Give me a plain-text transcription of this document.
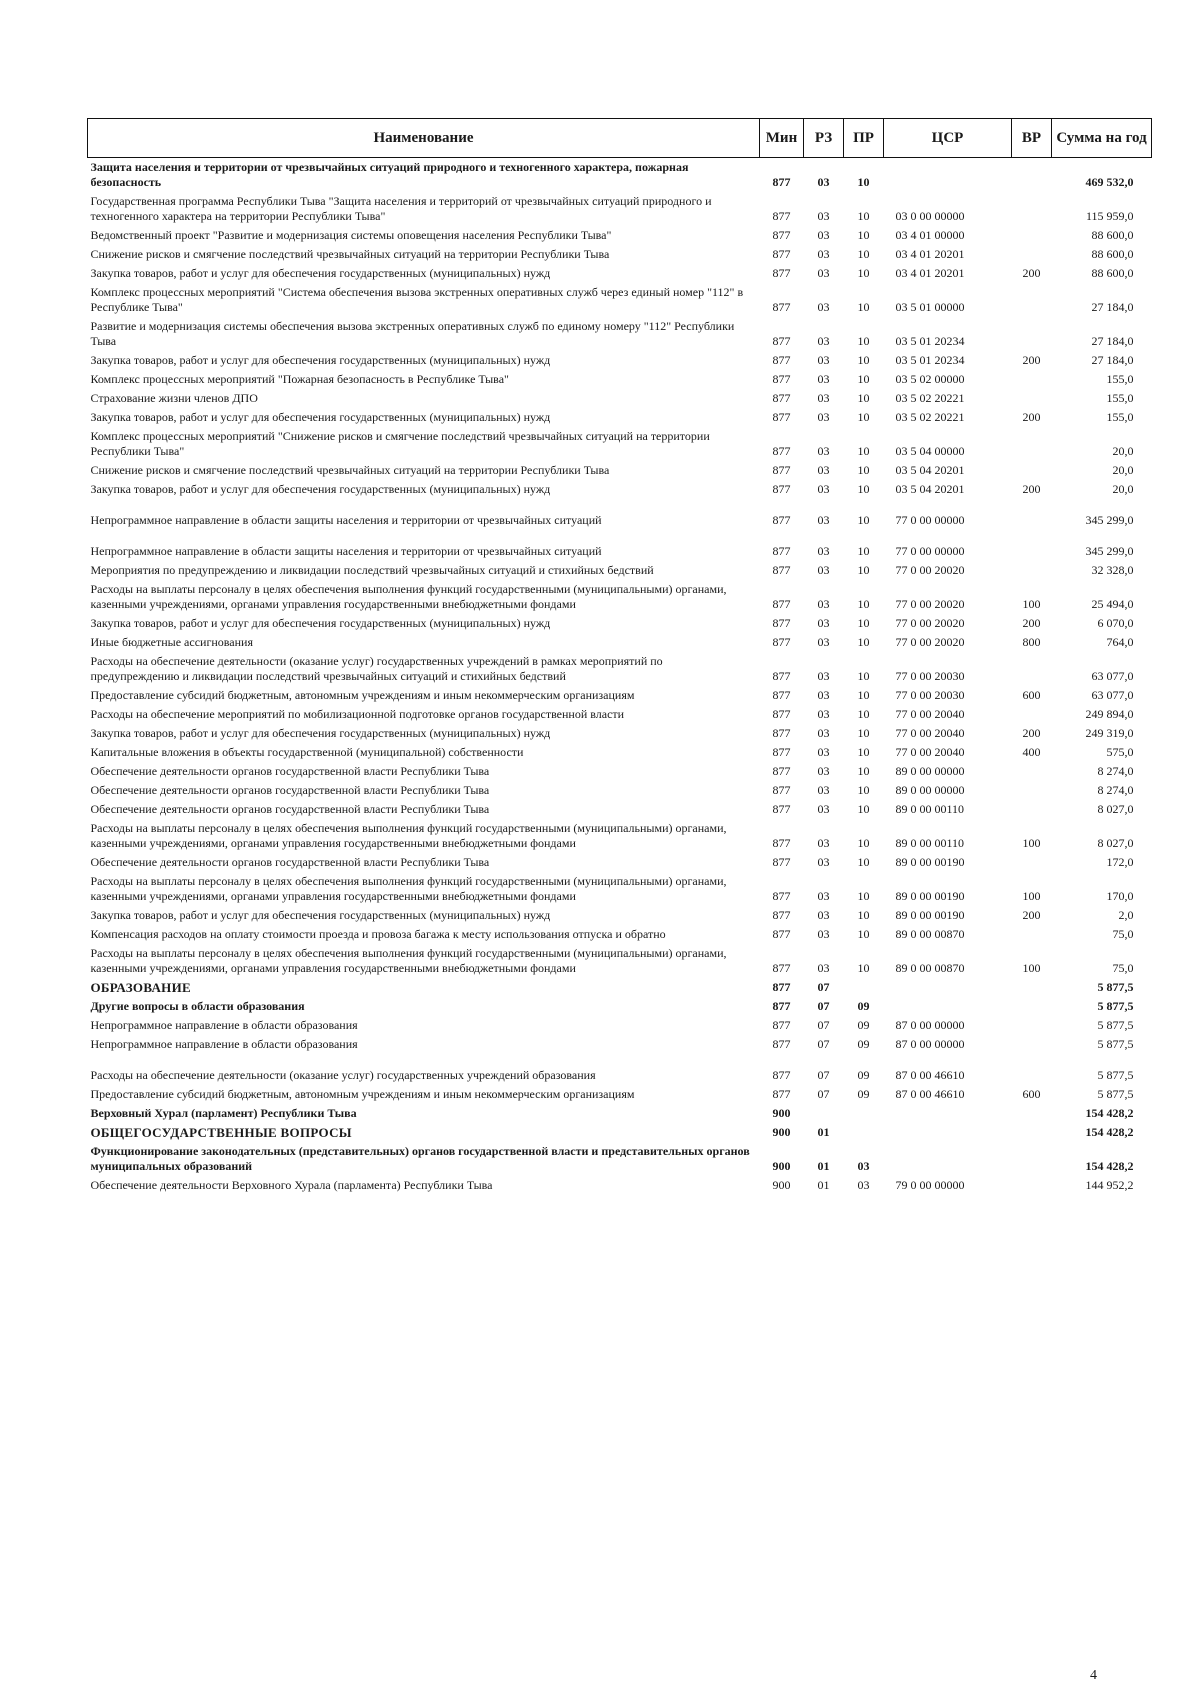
Наименование	Мин	РЗ	ПР	ЦСР	ВР	Сумма на год
Защита населения и территории от чрезвычайных ситуаций природного и техногенного характера, пожарная безопасность	877	03	10			469 532,0
Государственная программа Республики Тыва "Защита населения и территорий от чрезвычайных ситуаций природного и техногенного характера на территории Республики Тыва"	877	03	10	03 0 00 00000		115 959,0
Ведомственный проект "Развитие и модернизация системы оповещения населения Республики Тыва"	877	03	10	03 4 01 00000		88 600,0
Снижение рисков и смягчение последствий чрезвычайных ситуаций на территории Республики Тыва	877	03	10	03 4 01 20201		88 600,0
Закупка товаров, работ и услуг для обеспечения государственных (муниципальных) нужд	877	03	10	03 4 01 20201	200	88 600,0
Комплекс процессных мероприятий "Система обеспечения вызова экстренных оперативных служб через единый номер "112" в Республике Тыва"	877	03	10	03 5 01 00000		27 184,0
Развитие и модернизация системы обеспечения вызова экстренных оперативных служб по единому номеру "112" Республики Тыва	877	03	10	03 5 01 20234		27 184,0
Закупка товаров, работ и услуг для обеспечения государственных (муниципальных) нужд	877	03	10	03 5 01 20234	200	27 184,0
Комплекс процессных мероприятий "Пожарная безопасность в Республике Тыва"	877	03	10	03 5 02 00000		155,0
Страхование жизни членов ДПО	877	03	10	03 5 02 20221		155,0
Закупка товаров, работ и услуг для обеспечения государственных (муниципальных) нужд	877	03	10	03 5 02 20221	200	155,0
Комплекс процессных мероприятий "Снижение рисков и смягчение последствий чрезвычайных ситуаций на территории Республики Тыва"	877	03	10	03 5 04 00000		20,0
Снижение рисков и смягчение последствий чрезвычайных ситуаций на территории Республики Тыва	877	03	10	03 5 04 20201		20,0
Закупка товаров, работ и услуг для обеспечения государственных (муниципальных) нужд	877	03	10	03 5 04 20201	200	20,0
Непрограммное направление в области защиты населения и территории от чрезвычайных ситуаций	877	03	10	77 0 00 00000		345 299,0
Непрограммное направление в области защиты населения и территории от чрезвычайных ситуаций	877	03	10	77 0 00 00000		345 299,0
Мероприятия по предупреждению и ликвидации последствий чрезвычайных ситуаций и стихийных бедствий	877	03	10	77 0 00 20020		32 328,0
Расходы на выплаты персоналу в целях обеспечения выполнения функций государственными (муниципальными) органами, казенными учреждениями, органами управления государственными внебюджетными фондами	877	03	10	77 0 00 20020	100	25 494,0
Закупка товаров, работ и услуг для обеспечения государственных (муниципальных) нужд	877	03	10	77 0 00 20020	200	6 070,0
Иные бюджетные ассигнования	877	03	10	77 0 00 20020	800	764,0
Расходы на обеспечение деятельности (оказание услуг) государственных учреждений в рамках мероприятий по предупреждению и ликвидации последствий чрезвычайных ситуаций и стихийных бедствий	877	03	10	77 0 00 20030		63 077,0
Предоставление субсидий бюджетным, автономным учреждениям и иным некоммерческим организациям	877	03	10	77 0 00 20030	600	63 077,0
Расходы на обеспечение мероприятий по мобилизационной подготовке органов государственной власти	877	03	10	77 0 00 20040		249 894,0
Закупка товаров, работ и услуг для обеспечения государственных (муниципальных) нужд	877	03	10	77 0 00 20040	200	249 319,0
Капитальные вложения в объекты государственной (муниципальной) собственности	877	03	10	77 0 00 20040	400	575,0
Обеспечение деятельности органов государственной власти Республики Тыва	877	03	10	89 0 00 00000		8 274,0
Обеспечение деятельности органов государственной власти Республики Тыва	877	03	10	89 0 00 00000		8 274,0
Обеспечение деятельности органов государственной власти Республики Тыва	877	03	10	89 0 00 00110		8 027,0
Расходы на выплаты персоналу в целях обеспечения выполнения функций государственными (муниципальными) органами, казенными учреждениями, органами управления государственными внебюджетными фондами	877	03	10	89 0 00 00110	100	8 027,0
Обеспечение деятельности органов государственной власти Республики Тыва	877	03	10	89 0 00 00190		172,0
Расходы на выплаты персоналу в целях обеспечения выполнения функций государственными (муниципальными) органами, казенными учреждениями, органами управления государственными внебюджетными фондами	877	03	10	89 0 00 00190	100	170,0
Закупка товаров, работ и услуг для обеспечения государственных (муниципальных) нужд	877	03	10	89 0 00 00190	200	2,0
Компенсация расходов на оплату стоимости проезда и провоза багажа к месту использования отпуска и обратно	877	03	10	89 0 00 00870		75,0
Расходы на выплаты персоналу в целях обеспечения выполнения функций государственными (муниципальными) органами, казенными учреждениями, органами управления государственными внебюджетными фондами	877	03	10	89 0 00 00870	100	75,0
ОБРАЗОВАНИЕ	877	07				5 877,5
Другие вопросы в области образования	877	07	09			5 877,5
Непрограммное направление в области образования	877	07	09	87 0 00 00000		5 877,5
Непрограммное направление в области образования	877	07	09	87 0 00 00000		5 877,5
Расходы на обеспечение деятельности (оказание услуг) государственных учреждений образования	877	07	09	87 0 00 46610		5 877,5
Предоставление субсидий бюджетным, автономным учреждениям и иным некоммерческим организациям	877	07	09	87 0 00 46610	600	5 877,5
Верховный Хурал (парламент) Республики Тыва	900					154 428,2
ОБЩЕГОСУДАРСТВЕННЫЕ ВОПРОСЫ	900	01				154 428,2
Функционирование законодательных (представительных) органов государственной власти и представительных органов муниципальных образований	900	01	03			154 428,2
Обеспечение деятельности Верховного Хурала (парламента) Республики Тыва	900	01	03	79 0 00 00000		144 952,2
4
